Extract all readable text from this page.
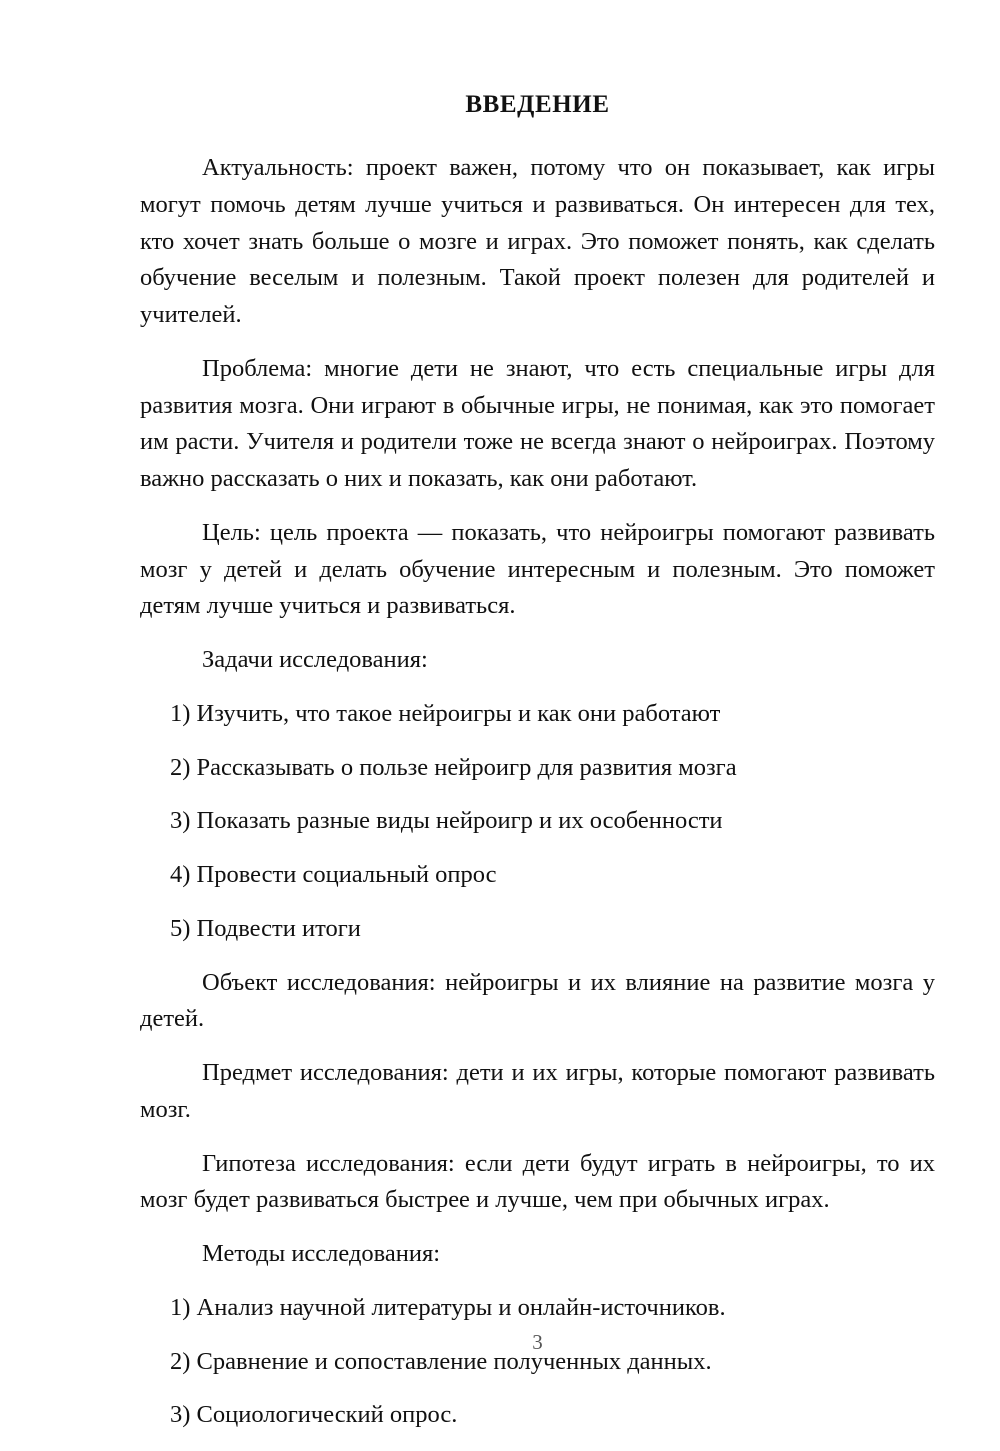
ВВЕДЕНИЕ

Актуальность: проект важен, потому что он показывает, как игры могут помочь детям лучше учиться и развиваться. Он интересен для тех, кто хочет знать больше о мозге и играх. Это поможет понять, как сделать обучение веселым и полезным. Такой проект полезен для родителей и учителей.

Проблема: многие дети не знают, что есть специальные игры для развития мозга. Они играют в обычные игры, не понимая, как это помогает им расти. Учителя и родители тоже не всегда знают о нейроиграх. Поэтому важно рассказать о них и показать, как они работают.

Цель: цель проекта — показать, что нейроигры помогают развивать мозг у детей и делать обучение интересным и полезным. Это поможет детям лучше учиться и развиваться.

Задачи исследования:

1) Изучить, что такое нейроигры и как они работают

2) Рассказывать о пользе нейроигр для развития мозга

3) Показать разные виды нейроигр и их особенности

4) Провести социальный опрос

5) Подвести итоги

Объект исследования: нейроигры и их влияние на развитие мозга у детей.

Предмет исследования: дети и их игры, которые помогают развивать мозг.

Гипотеза исследования: если дети будут играть в нейроигры, то их мозг будет развиваться быстрее и лучше, чем при обычных играх.

Методы исследования:

1) Анализ научной литературы и онлайн-источников.

2) Сравнение и сопоставление полученных данных.

3) Социологический опрос.

3
